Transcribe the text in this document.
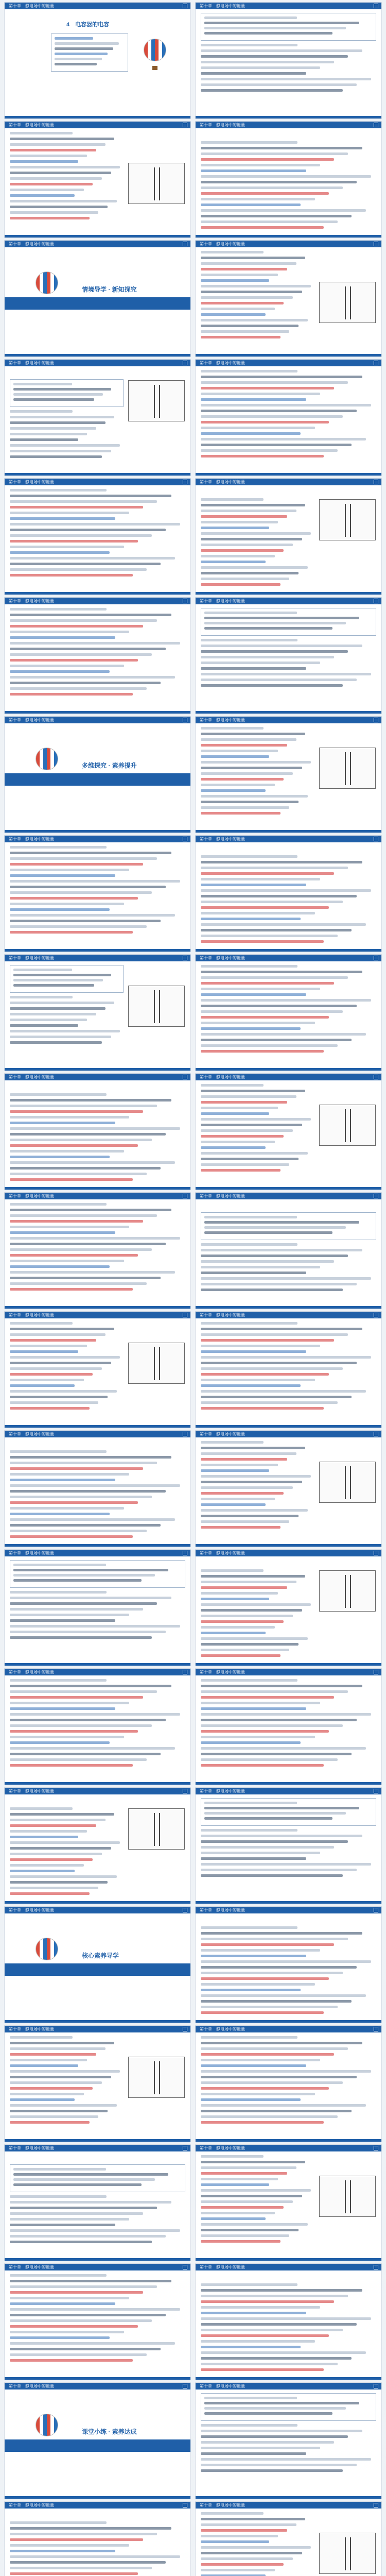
第十章　静电场中的能量
4　电容器的电容
第十章　静电场中的能量
第十章　静电场中的能量	第十章　静电场中的能量
第十章　静电场中的能量
情境导学 · 新知探究
第十章　静电场中的能量
第十章　静电场中的能量	第十章　静电场中的能量
第十章　静电场中的能量	第十章　静电场中的能量
第十章　静电场中的能量	第十章　静电场中的能量
第十章　静电场中的能量
多维探究 · 素养提升
第十章　静电场中的能量
第十章　静电场中的能量	第十章　静电场中的能量
第十章　静电场中的能量	第十章　静电场中的能量
第十章　静电场中的能量	第十章　静电场中的能量
第十章　静电场中的能量	第十章　静电场中的能量
第十章　静电场中的能量	第十章　静电场中的能量
第十章　静电场中的能量	第十章　静电场中的能量
第十章　静电场中的能量	第十章　静电场中的能量
第十章　静电场中的能量	第十章　静电场中的能量
第十章　静电场中的能量	第十章　静电场中的能量
第十章　静电场中的能量
核心素养导学
第十章　静电场中的能量
第十章　静电场中的能量	第十章　静电场中的能量
第十章　静电场中的能量	第十章　静电场中的能量
第十章　静电场中的能量	第十章　静电场中的能量
第十章　静电场中的能量
课堂小练 · 素养达成
第十章　静电场中的能量
第十章　静电场中的能量	第十章　静电场中的能量
